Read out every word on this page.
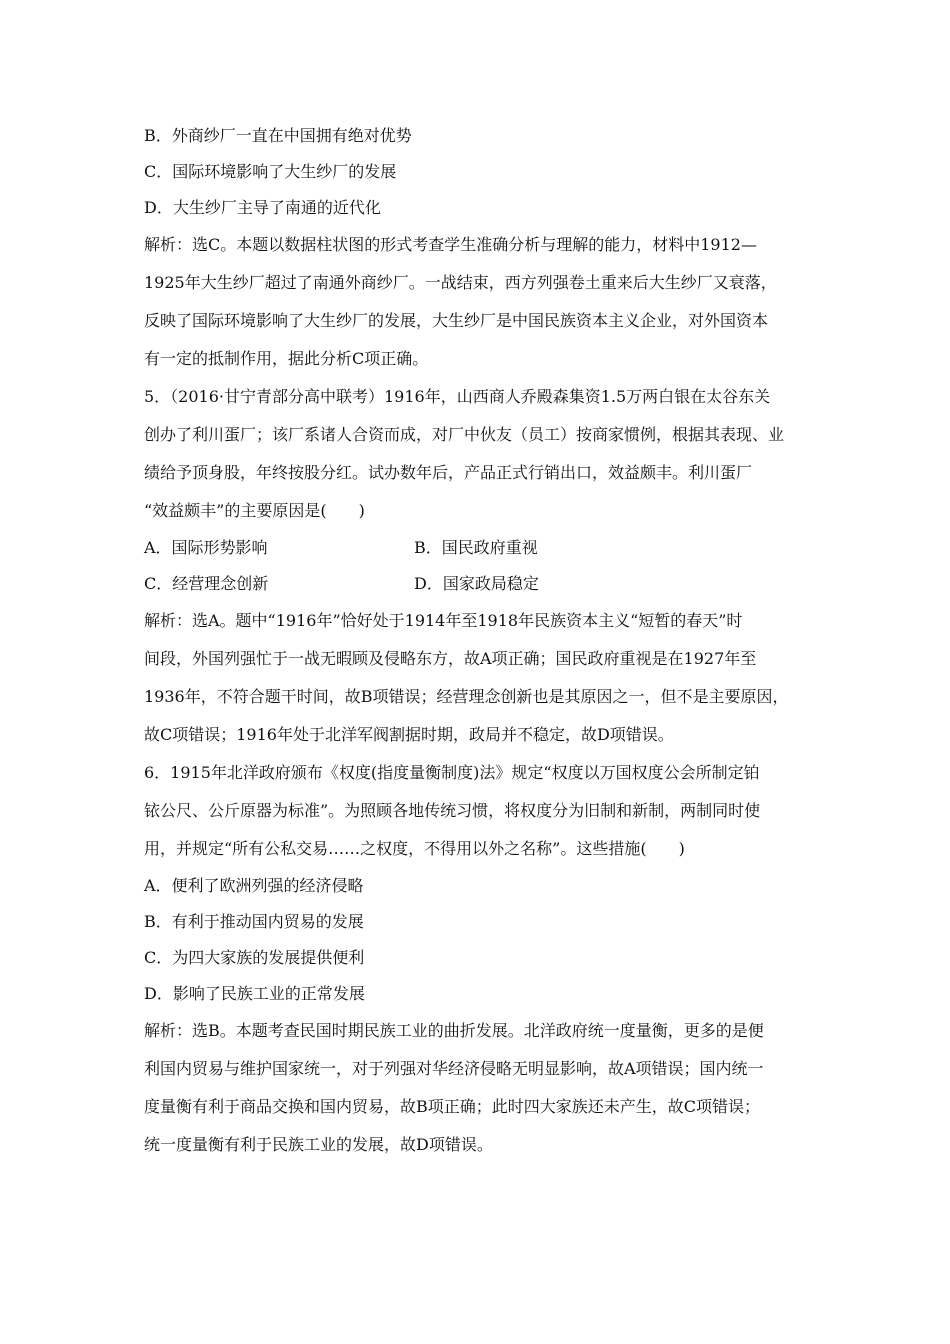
B．外商纱厂一直在中国拥有绝对优势
C．国际环境影响了大生纱厂的发展
D．大生纱厂主导了南通的近代化
解析：选C。本题以数据柱状图的形式考查学生准确分析与理解的能力，材料中1912—
1925年大生纱厂超过了南通外商纱厂。一战结束，西方列强卷土重来后大生纱厂又衰落，
反映了国际环境影响了大生纱厂的发展，大生纱厂是中国民族资本主义企业，对外国资本
有一定的抵制作用，据此分析C项正确。
5．（2016·甘宁青部分高中联考）1916年，山西商人乔殿森集资1.5万两白银在太谷东关
创办了利川蛋厂；该厂系诸人合资而成，对厂中伙友（员工）按商家惯例，根据其表现、业
绩给予顶身股，年终按股分红。试办数年后，产品正式行销出口，效益颇丰。利川蛋厂
“效益颇丰”的主要原因是(　　)
A．国际形势影响	B．国民政府重视
C．经营理念创新	D．国家政局稳定
解析：选A。题中“1916年”恰好处于1914年至1918年民族资本主义“短暂的春天”时
间段，外国列强忙于一战无暇顾及侵略东方，故A项正确；国民政府重视是在1927年至
1936年，不符合题干时间，故B项错误；经营理念创新也是其原因之一，但不是主要原因，
故C项错误；1916年处于北洋军阀割据时期，政局并不稳定，故D项错误。
6．1915年北洋政府颁布《权度(指度量衡制度)法》规定“权度以万国权度公会所制定铂
铱公尺、公斤原器为标准”。为照顾各地传统习惯，将权度分为旧制和新制，两制同时使
用，并规定“所有公私交易……之权度，不得用以外之名称”。这些措施(　　)
A．便利了欧洲列强的经济侵略
B．有利于推动国内贸易的发展
C．为四大家族的发展提供便利
D．影响了民族工业的正常发展
解析：选B。本题考查民国时期民族工业的曲折发展。北洋政府统一度量衡，更多的是便
利国内贸易与维护国家统一，对于列强对华经济侵略无明显影响，故A项错误；国内统一
度量衡有利于商品交换和国内贸易，故B项正确；此时四大家族还未产生，故C项错误；
统一度量衡有利于民族工业的发展，故D项错误。
